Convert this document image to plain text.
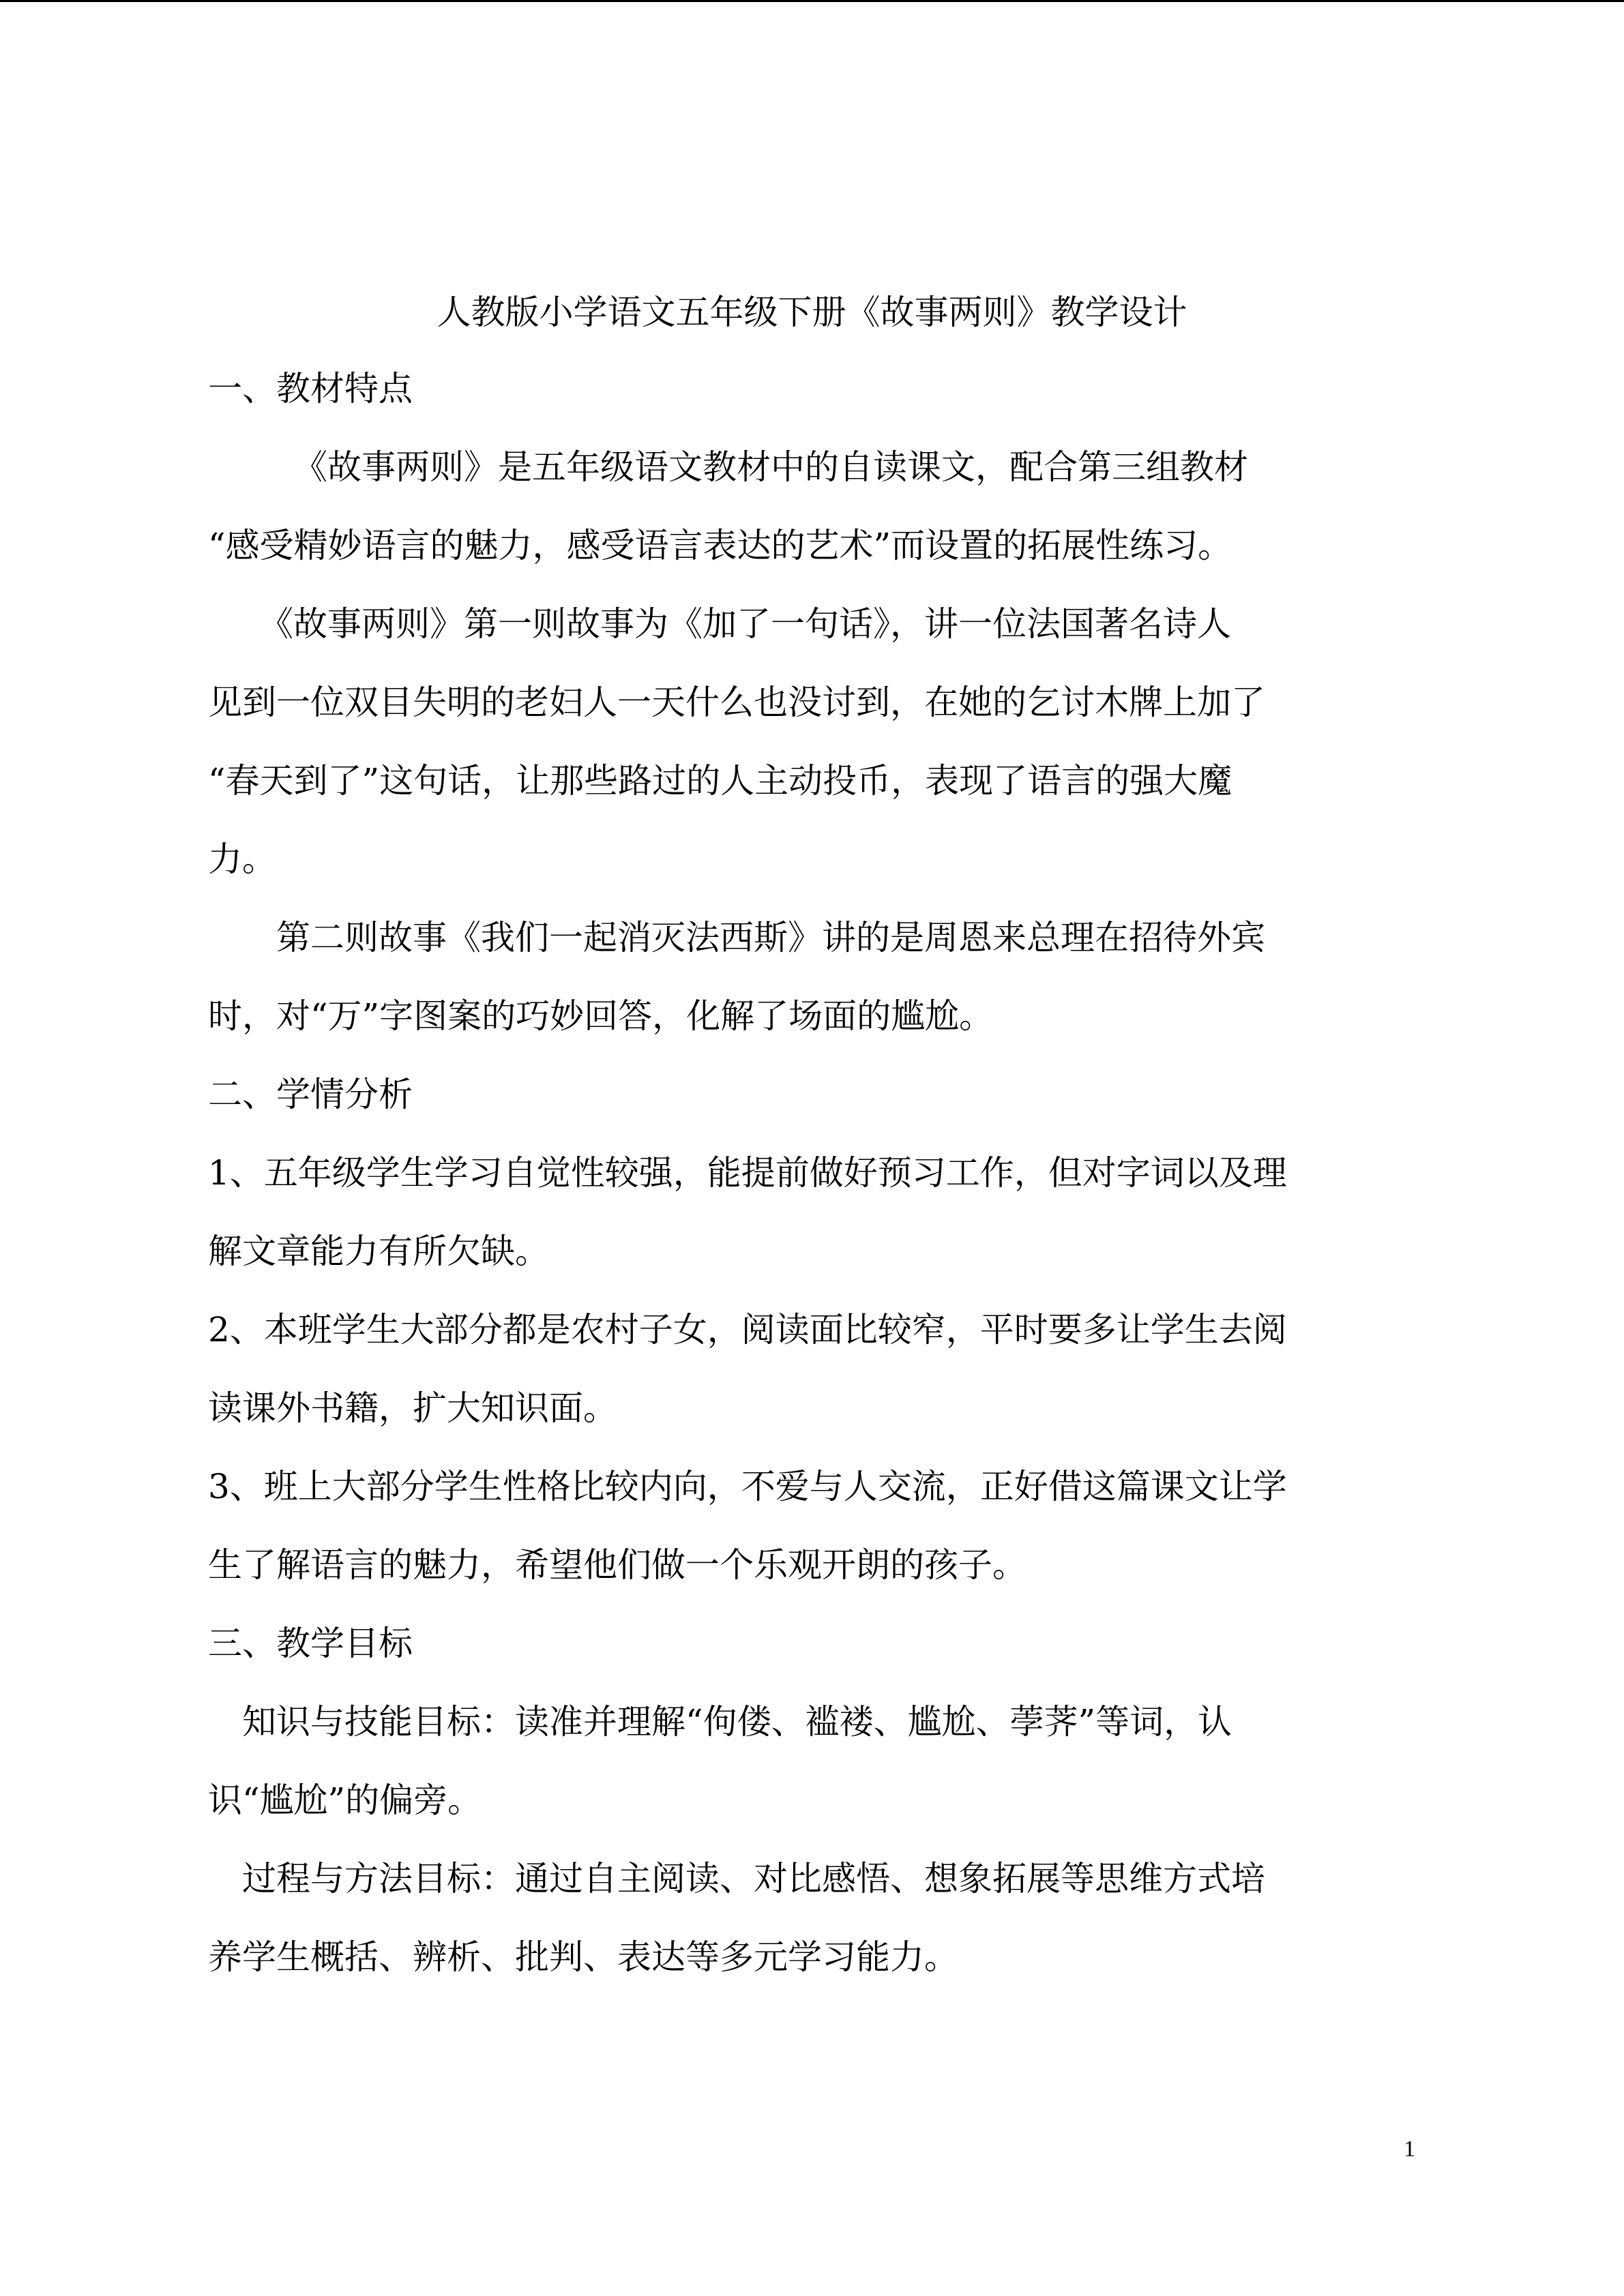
人教版小学语文五年级下册《故事两则》教学设计
一、教材特点
　　　《故事两则》是五年级语文教材中的自读课文，配合第三组教材
“感受精妙语言的魅力，感受语言表达的艺术”而设置的拓展性练习。
　　《故事两则》第一则故事为《加了一句话》，讲一位法国著名诗人
见到一位双目失明的老妇人一天什么也没讨到，在她的乞讨木牌上加了
“春天到了”这句话，让那些路过的人主动投币，表现了语言的强大魔
力。
　　第二则故事《我们一起消灭法西斯》讲的是周恩来总理在招待外宾
时，对“万”字图案的巧妙回答，化解了场面的尴尬。
二、学情分析
1、五年级学生学习自觉性较强，能提前做好预习工作，但对字词以及理
解文章能力有所欠缺。
2、本班学生大部分都是农村子女，阅读面比较窄，平时要多让学生去阅
读课外书籍，扩大知识面。
3、班上大部分学生性格比较内向，不爱与人交流，正好借这篇课文让学
生了解语言的魅力，希望他们做一个乐观开朗的孩子。
三、教学目标
　知识与技能目标：读准并理解“佝偻、褴褛、尴尬、荸荠”等词，认
识“尴尬”的偏旁。
　过程与方法目标：通过自主阅读、对比感悟、想象拓展等思维方式培
养学生概括、辨析、批判、表达等多元学习能力。
1
